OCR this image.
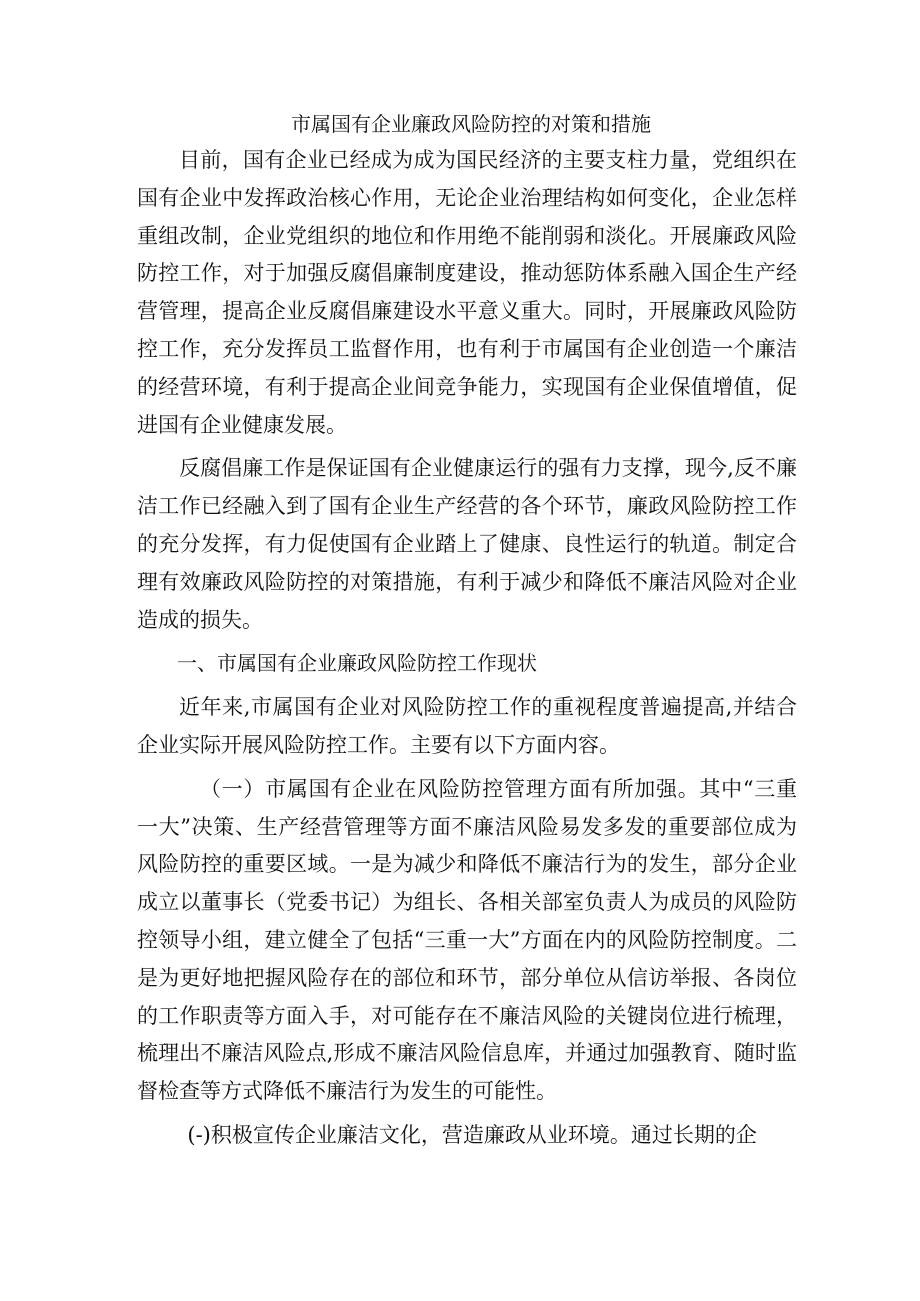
市属国有企业廉政风险防控的对策和措施

目前，国有企业已经成为成为国民经济的主要支柱力量，党组织在国有企业中发挥政治核心作用，无论企业治理结构如何变化，企业怎样重组改制，企业党组织的地位和作用绝不能削弱和淡化。开展廉政风险防控工作，对于加强反腐倡廉制度建设，推动惩防体系融入国企生产经营管理，提高企业反腐倡廉建设水平意义重大。同时，开展廉政风险防控工作，充分发挥员工监督作用，也有利于市属国有企业创造一个廉洁的经营环境，有利于提高企业间竞争能力，实现国有企业保值增值，促进国有企业健康发展。

反腐倡廉工作是保证国有企业健康运行的强有力支撑，现今,反不廉洁工作已经融入到了国有企业生产经营的各个环节，廉政风险防控工作的充分发挥，有力促使国有企业踏上了健康、良性运行的轨道。制定合理有效廉政风险防控的对策措施，有利于减少和降低不廉洁风险对企业造成的损失。

一、市属国有企业廉政风险防控工作现状

近年来,市属国有企业对风险防控工作的重视程度普遍提高,并结合企业实际开展风险防控工作。主要有以下方面内容。

（一）市属国有企业在风险防控管理方面有所加强。其中“三重一大”决策、生产经营管理等方面不廉洁风险易发多发的重要部位成为风险防控的重要区域。一是为减少和降低不廉洁行为的发生，部分企业成立以董事长（党委书记）为组长、各相关部室负责人为成员的风险防控领导小组，建立健全了包括“三重一大”方面在内的风险防控制度。二是为更好地把握风险存在的部位和环节，部分单位从信访举报、各岗位的工作职责等方面入手，对可能存在不廉洁风险的关键岗位进行梳理，梳理出不廉洁风险点,形成不廉洁风险信息库，并通过加强教育、随时监督检查等方式降低不廉洁行为发生的可能性。

(-)积极宣传企业廉洁文化，营造廉政从业环境。通过长期的企
